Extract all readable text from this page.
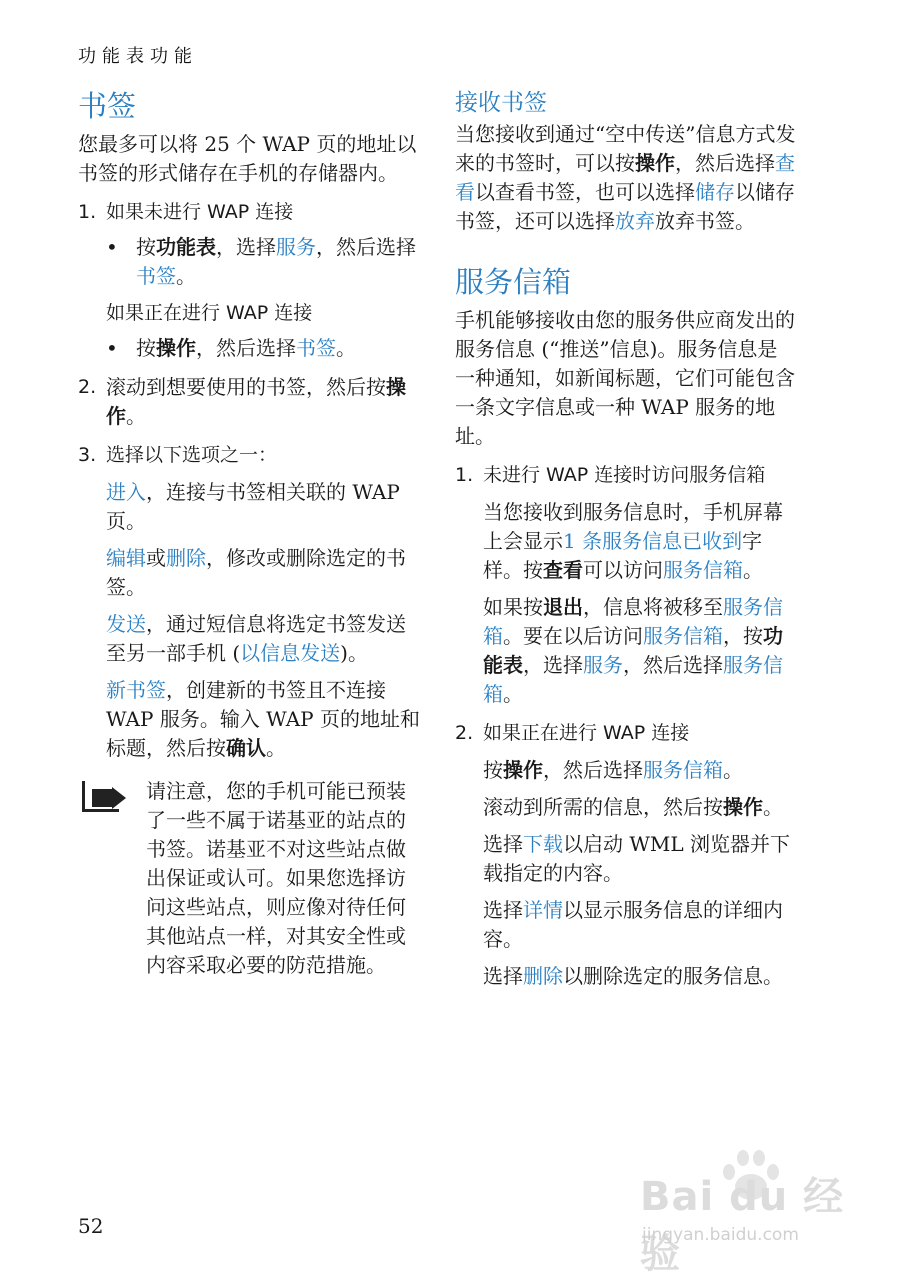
功能表功能
书签

您最多可以将 25 个 WAP 页的地址以书签的形式储存在手机的存储器内。

1. 如果未进行 WAP 连接
• 按功能表，选择服务，然后选择书签。

如果正在进行 WAP 连接
• 按操作，然后选择书签。

2. 滚动到想要使用的书签，然后按操作。

3. 选择以下选项之一：

进入，连接与书签相关联的 WAP 页。

编辑或删除，修改或删除选定的书签。

发送，通过短信息将选定书签发送至另一部手机 (以信息发送)。

新书签，创建新的书签且不连接 WAP 服务。输入 WAP 页的地址和标题，然后按确认。

请注意，您的手机可能已预装了一些不属于诺基亚的站点的书签。诺基亚不对这些站点做出保证或认可。如果您选择访问这些站点，则应像对待任何其他站点一样，对其安全性或内容采取必要的防范措施。

接收书签

当您接收到通过“空中传送”信息方式发来的书签时，可以按操作，然后选择查看以查看书签，也可以选择储存以储存书签，还可以选择放弃放弃书签。

服务信箱

手机能够接收由您的服务供应商发出的服务信息 (“推送”信息)。服务信息是一种通知，如新闻标题，它们可能包含一条文字信息或一种 WAP 服务的地址。

1. 未进行 WAP 连接时访问服务信箱

当您接收到服务信息时，手机屏幕上会显示1 条服务信息已收到字样。按查看可以访问服务信箱。

如果按退出，信息将被移至服务信箱。要在以后访问服务信箱，按功能表，选择服务，然后选择服务信箱。

2. 如果正在进行 WAP 连接

按操作，然后选择服务信箱。

滚动到所需的信息，然后按操作。

选择下载以启动 WML 浏览器并下载指定的内容。

选择详情以显示服务信息的详细内容。

选择删除以删除选定的服务信息。

52
Bai du 经验
jingyan.baidu.com
